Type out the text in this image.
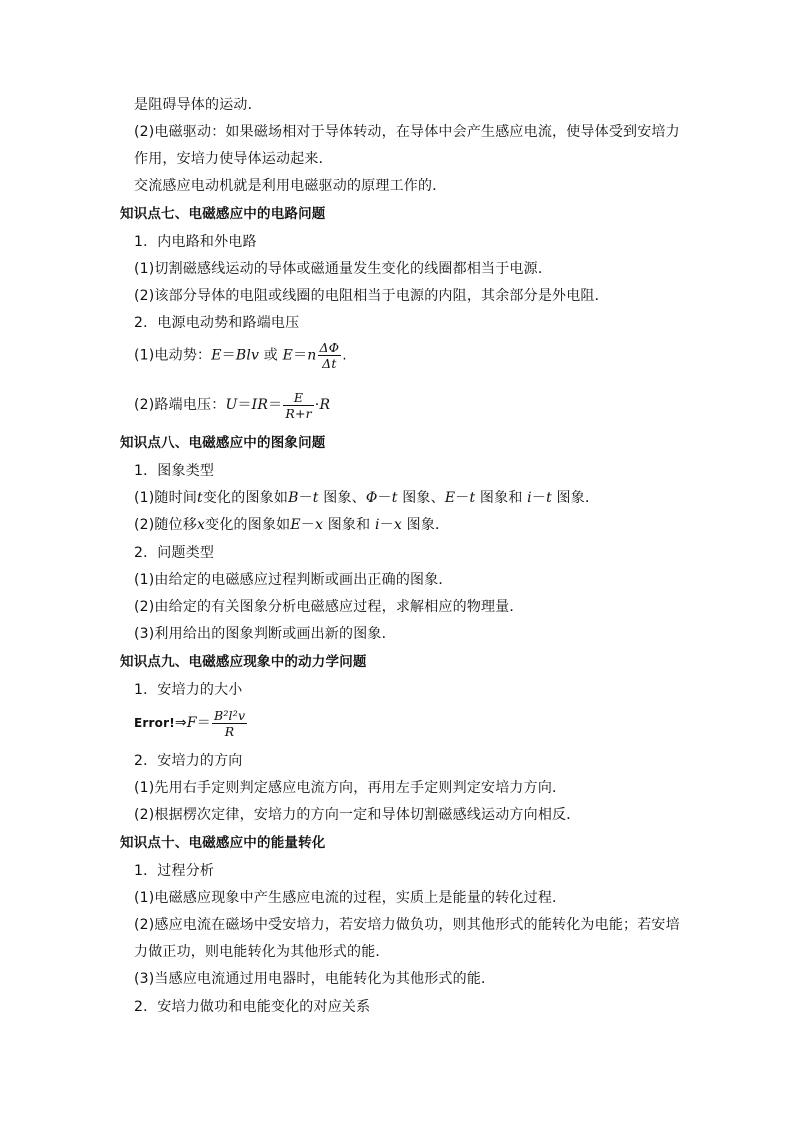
是阻碍导体的运动．
(2)电磁驱动：如果磁场相对于导体转动，在导体中会产生感应电流，使导体受到安培力
作用，安培力使导体运动起来．
交流感应电动机就是利用电磁驱动的原理工作的．
知识点七、电磁感应中的电路问题
1．内电路和外电路
(1)切割磁感线运动的导体或磁通量发生变化的线圈都相当于电源．
(2)该部分导体的电阻或线圈的电阻相当于电源的内阻，其余部分是外电阻．
2．电源电动势和路端电压
(1)电动势：E＝Blv 或 $E=n \frac{\Delta\Phi}{\Delta t}$ .
(2)路端电压：$U=IR= \frac{E}{R+r} \cdot R$
知识点八、电磁感应中的图象问题
1．图象类型
(1)随时间t变化的图象如B－t 图象、Φ－t 图象、E－t 图象和 i－t 图象．
(2)随位移x变化的图象如E－x 图象和 i－x 图象．
2．问题类型
(1)由给定的电磁感应过程判断或画出正确的图象．
(2)由给定的有关图象分析电磁感应过程，求解相应的物理量．
(3)利用给出的图象判断或画出新的图象．
知识点九、电磁感应现象中的动力学问题
1．安培力的大小
Error!⇒F＝ $\frac{\text{B²l²v}}{R}$
2．安培力的方向
(1)先用右手定则判定感应电流方向，再用左手定则判定安培力方向．
(2)根据楞次定律，安培力的方向一定和导体切割磁感线运动方向相反．
知识点十、电磁感应中的能量转化
1．过程分析
(1)电磁感应现象中产生感应电流的过程，实质上是能量的转化过程．
(2)感应电流在磁场中受安培力，若安培力做负功，则其他形式的能转化为电能；若安培
力做正功，则电能转化为其他形式的能．
(3)当感应电流通过用电器时，电能转化为其他形式的能．
2．安培力做功和电能变化的对应关系
